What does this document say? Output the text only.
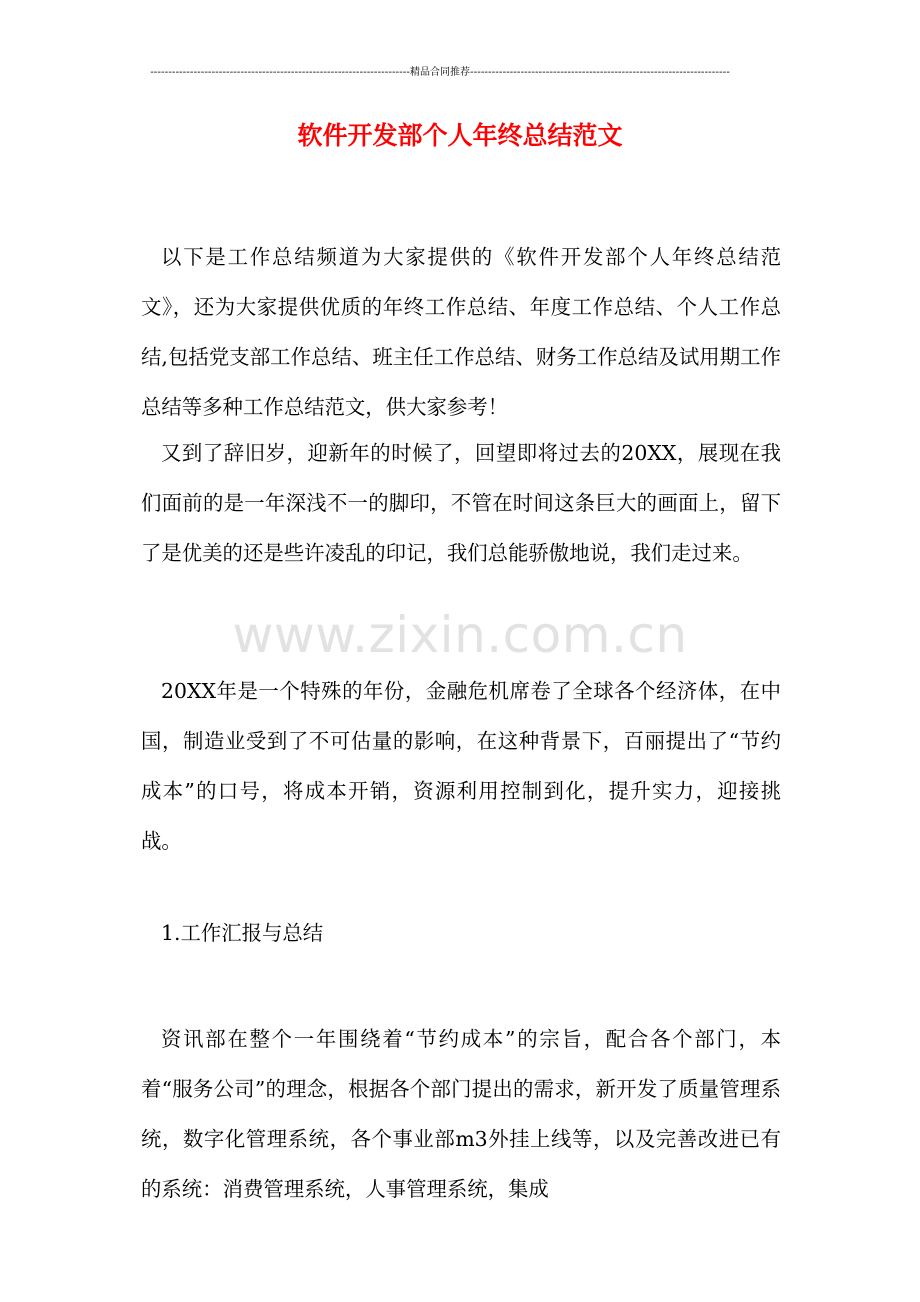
------------------------------------------------------------------------精品合同推荐------------------------------------------------------------------------
软件开发部个人年终总结范文

以下是工作总结频道为大家提供的《软件开发部个人年终总结范文》，还为大家提供优质的年终工作总结、年度工作总结、个人工作总结,包括党支部工作总结、班主任工作总结、财务工作总结及试用期工作总结等多种工作总结范文，供大家参考！

又到了辞旧岁，迎新年的时候了，回望即将过去的20XX，展现在我们面前的是一年深浅不一的脚印，不管在时间这条巨大的画面上，留下了是优美的还是些许凌乱的印记，我们总能骄傲地说，我们走过来。

20XX年是一个特殊的年份，金融危机席卷了全球各个经济体，在中国，制造业受到了不可估量的影响，在这种背景下，百丽提出了“节约成本”的口号，将成本开销，资源利用控制到化，提升实力，迎接挑战。

1.工作汇报与总结

资讯部在整个一年围绕着“节约成本”的宗旨，配合各个部门，本着“服务公司”的理念，根据各个部门提出的需求，新开发了质量管理系统，数字化管理系统，各个事业部m3外挂上线等，以及完善改进已有的系统：消费管理系统，人事管理系统，集成

www.zixin.com.cn
